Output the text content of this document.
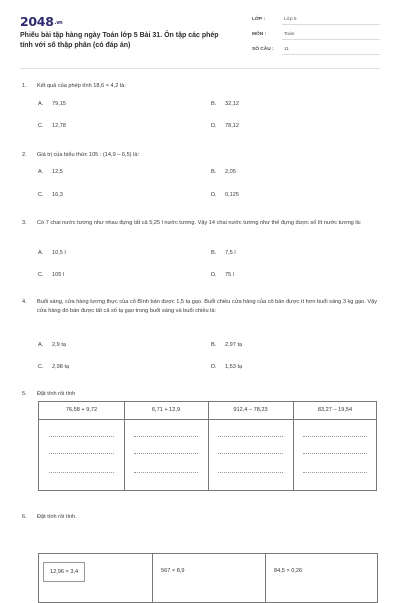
2048.vn
Phiếu bài tập hàng ngày Toán lớp 5 Bài 31. Ôn tập các phép tính với số thập phân (có đáp án)
LỚP :	Lớp 5
MÔN :	Toán
SỐ CÂU : 11
1. Kết quả của phép tính 18,6 × 4,2 là:
A. 79,15	B. 32,12
C. 12,78	D. 78,12
2. Giá trị của biểu thức 105 : (14,9 – 6,5) là:
A. 12,5	B. 2,05
C. 16,3	D. 0,125
3. Có 7 chai nước tương như nhau đựng tất cả 5,25 l nước tương. Vậy 14 chai nước tương như thế đựng được số lít nước tương là:
A. 10,5 l	B. 7,5 l
C. 105 l	D. 75 l
4. Buổi sáng, cửa hàng lương thực của cô Bình bán được 1,5 tạ gạo. Buổi chiều cửa hàng của cô bán được ít hơn buổi sáng 3 kg gạo. Vậy cửa hàng đó bán được tất cả số tạ gạo trong buổi sáng và buổi chiều là:
A. 2,9 tạ	B. 2,97 tạ
C. 2,98 tạ	D. 1,53 tạ
5. Đặt tính rồi tính
76,58 + 9,72	6,71 + 12,9	912,4 – 78,23	83,27 – 19,54
6. Đặt tính rồi tính.
12,96 × 3,4	567 × 8,9	84,5 × 0,26
